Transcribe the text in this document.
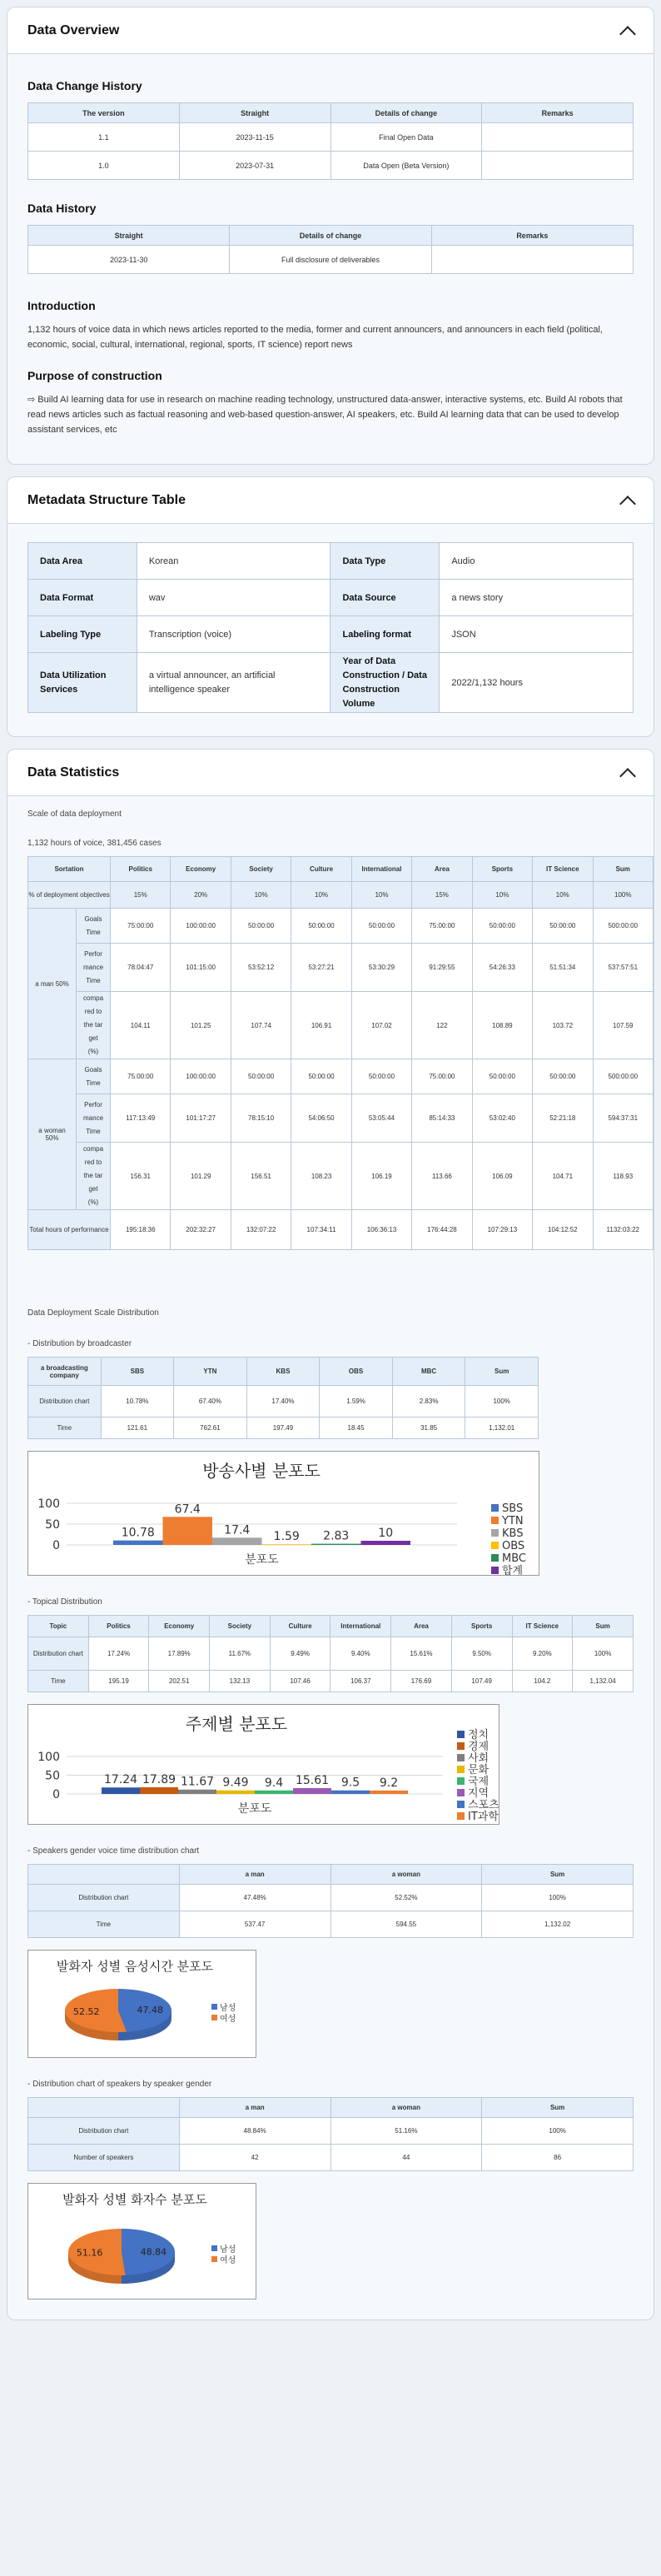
Data Overview
Data Change History
The version	Straight	Details of change	Remarks
1.1	2023-11-15	Final Open Data	
1.0	2023-07-31	Data Open (Beta Version)	
Data History
Straight	Details of change	Remarks
2023-11-30	Full disclosure of deliverables	
Introduction

1,132 hours of voice data in which news articles reported to the media, former and current announcers, and announcers in each field (political, economic, social, cultural, international, regional, sports, IT science) report news

Purpose of construction

⇨ Build AI learning data for use in research on machine reading technology, unstructured data-answer, interactive systems, etc. Build AI robots that read news articles such as factual reasoning and web-based question-answer, AI speakers, etc. Build AI learning data that can be used to develop assistant services, etc

Metadata Structure Table
Data Area	Korean	Data Type	Audio
Data Format	wav	Data Source	a news story
Labeling Type	Transcription (voice)	Labeling format	JSON
Data Utilization Services	a virtual announcer, an artificial intelligence speaker	Year of Data Construction / Data Construction Volume	2022/1,132 hours
Data Statistics
Scale of data deployment
1,132 hours of voice, 381,456 cases
Sortation		Politics	Economy	Society	Culture	International	Area	Sports	IT Science	Sum
% of deployment objectives		15%	20%	10%	10%	10%	15%	10%	10%	100%
a man 50%	Goals Time	75:00:00	100:00:00	50:00:00	50:00:00	50:00:00	75:00:00	50:00:00	50:00:00	500:00:00
	Performance Time	78:04:47	101:15:00	53:52:12	53:27:21	53:30:29	91:29:55	54:26:33	51:51:34	537:57:51
	compared to the target (%)	104.11	101.25	107.74	106.91	107.02	122	108.89	103.72	107.59
a woman 50%	Goals Time	75:00:00	100:00:00	50:00:00	50:00:00	50:00:00	75:00:00	50:00:00	50:00:00	500:00:00
	Performance Time	117:13:49	101:17:27	78:15:10	54:06:50	53:05:44	85:14:33	53:02:40	52:21:18	594:37:31
	compared to the target (%)	156.31	101.29	156.51	108.23	106.19	113.66	106.09	104.71	118.93
Total hours of performance		195:18:36	202:32:27	132:07:22	107:34:11	106:36:13	176:44:28	107:29:13	104:12:52	1132:03:22
Data Deployment Scale Distribution
- Distribution by broadcaster
a broadcasting company	SBS	YTN	KBS	OBS	MBC	Sum
Distribution chart	10.78%	67.40%	17.40%	1.59%	2.83%	100%
Time	121.61	762.61	197.49	18.45	31.85	1,132.01
방송사별 분포도
0
50
100
10.78
SBS
67.4
YTN
17.4	KBS
1.59
OBS
2.83
MBC
10
합계
분포도
- Topical Distribution
Topic	Politics	Economy	Society	Culture	International	Area	Sports	IT Science	Sum
Distribution chart	17.24%	17.89%	11.67%	9.49%	9.40%	15.61%	9.50%	9.20%	100%
Time	195.19	202.51	132.13	107.46	106.37	176.69	107.49	104.2	1,132.04
주제별 분포도
0
50
100
17.24
정치
17.89
경제
11.67
사회
9.49
문화
9.4	국제
15.61
지역
9.5
스포츠
9.2
IT과학
분포도
- Speakers gender voice time distribution chart
	a man	a woman	Sum
Distribution chart	47.48%	52.52%	100%
Time	537.47	594.55	1,132.02
발화자 성별 음성시간 분포도
47.48	남성
52.52
여성
- Distribution chart of speakers by speaker gender
	a man	a woman	Sum
Distribution chart	48.84%	51.16%	100%
Number of speakers	42	44	86
발화자 성별 화자수 분포도
48.84	남성
51.16
여성
